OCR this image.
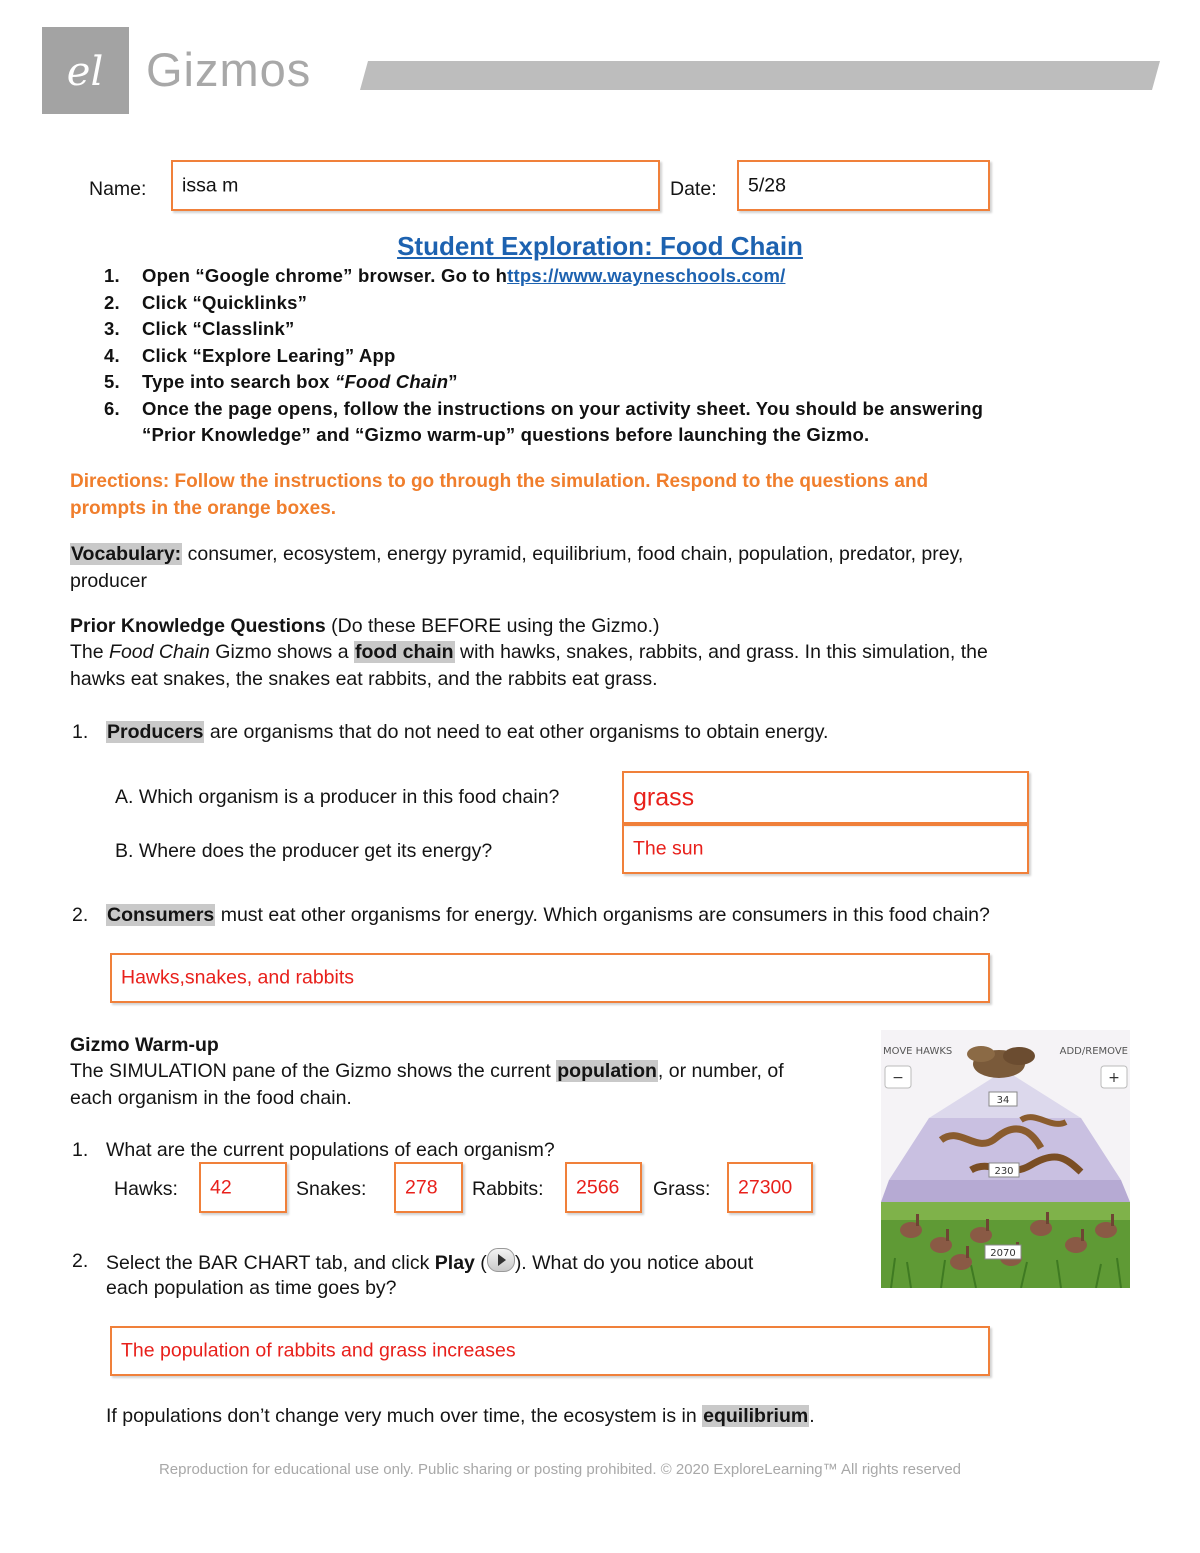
el Gizmos
Name: issa m	Date: 5/28
Student Exploration: Food Chain
1. Open “Google chrome” browser. Go to https://www.wayneschools.com/
2. Click “Quicklinks”
3. Click “Classlink”
4. Click “Explore Learing” App
5. Type into search box “Food Chain”
6. Once the page opens, follow the instructions on your activity sheet. You should be answering
“Prior Knowledge” and “Gizmo warm-up” questions before launching the Gizmo.
Directions: Follow the instructions to go through the simulation. Respond to the questions and
prompts in the orange boxes.
Vocabulary: consumer, ecosystem, energy pyramid, equilibrium, food chain, population, predator, prey,
producer
Prior Knowledge Questions (Do these BEFORE using the Gizmo.)
The Food Chain Gizmo shows a food chain with hawks, snakes, rabbits, and grass. In this simulation, the
hawks eat snakes, the snakes eat rabbits, and the rabbits eat grass.
1. Producers are organisms that do not need to eat other organisms to obtain energy.
A. Which organism is a producer in this food chain?	grass
B. Where does the producer get its energy?	The sun
2. Consumers must eat other organisms for energy. Which organisms are consumers in this food chain?
Hawks,snakes, and rabbits
Gizmo Warm-up
The SIMULATION pane of the Gizmo shows the current population, or number, of
each organism in the food chain.
1. What are the current populations of each organism?
Hawks: 42	Snakes: 278 Rabbits: 2566 Grass: 27300
2. Select the BAR CHART tab, and click Play ( ). What do you notice about
each population as time goes by?
The population of rabbits and grass increases
If populations don’t change very much over time, the ecosystem is in equilibrium.
34
230
2070
MOVE HAWKS	ADD/REMOVE
−	+
Reproduction for educational use only. Public sharing or posting prohibited. © 2020 ExploreLearning™ All rights reserved
